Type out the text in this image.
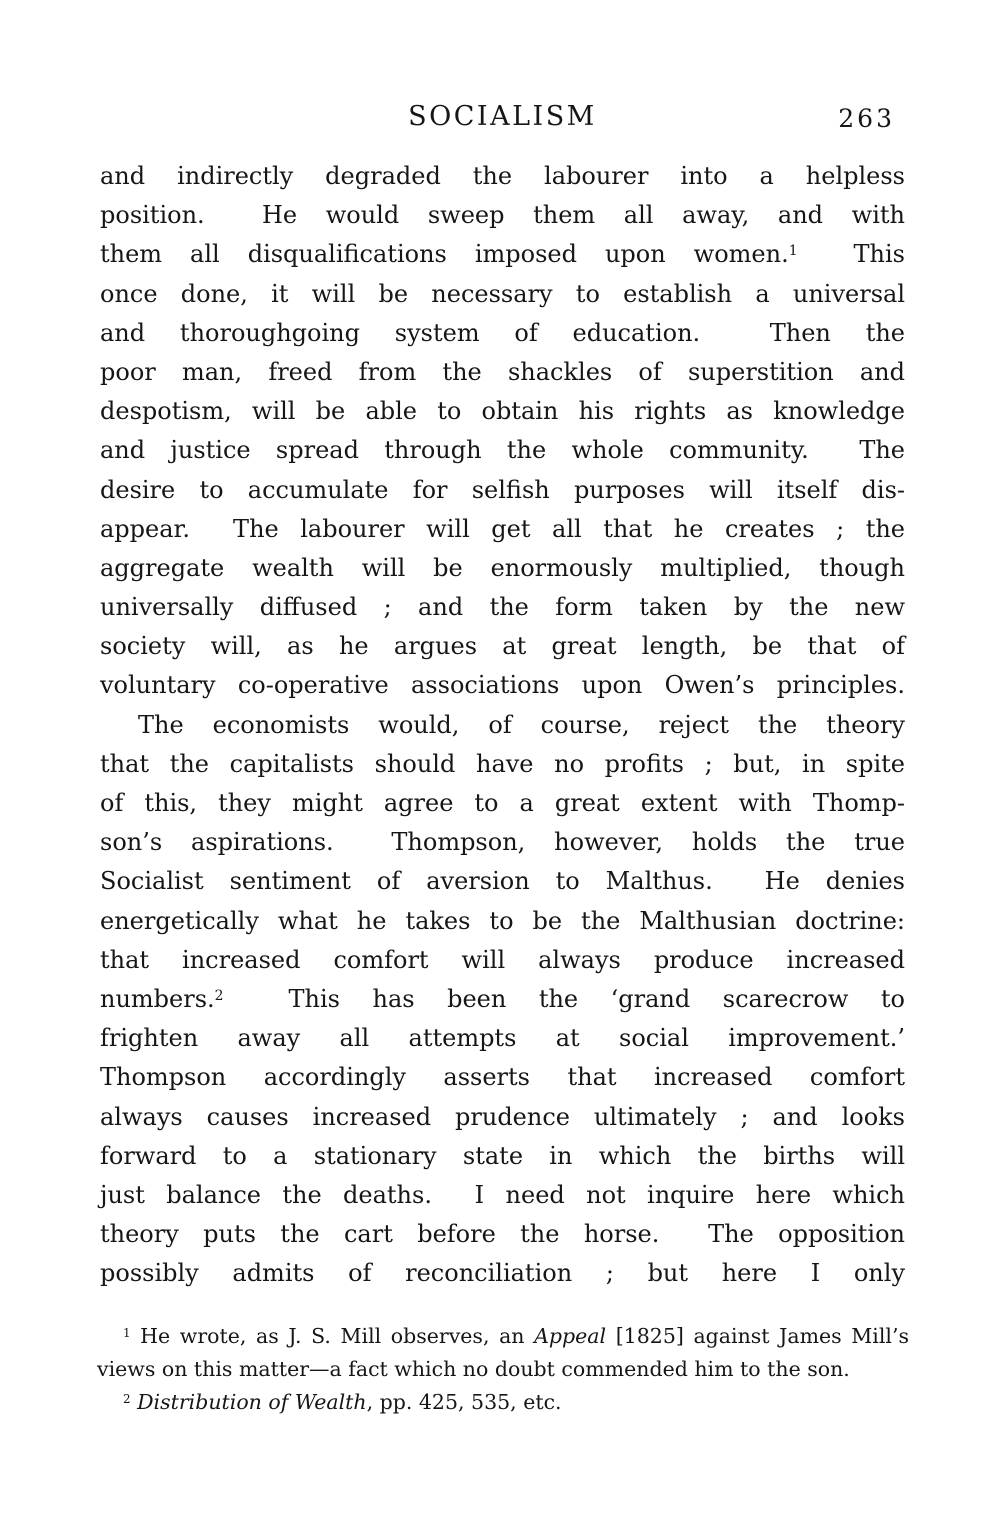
SOCIALISM	263
and indirectly degraded the labourer into a helpless
position.  He would sweep them all away, and with
them all disqualifications imposed upon women.$^1$  This
once done, it will be necessary to establish a universal
and thoroughgoing system of education.  Then the
poor man, freed from the shackles of superstition and
despotism, will be able to obtain his rights as knowledge
and justice spread through the whole community.  The
desire to accumulate for selfish purposes will itself dis-
appear.  The labourer will get all that he creates ; the
aggregate wealth will be enormously multiplied, though
universally diffused ; and the form taken by the new
society will, as he argues at great length, be that of
voluntary co-operative associations upon Owen’s principles.
The economists would, of course, reject the theory
that the capitalists should have no profits ; but, in spite
of this, they might agree to a great extent with Thomp-
son’s aspirations.  Thompson, however, holds the true
Socialist sentiment of aversion to Malthus.  He denies
energetically what he takes to be the Malthusian doctrine:
that increased comfort will always produce increased
numbers.$^2$  This has been the ‘grand scarecrow to
frighten away all attempts at social improvement.’
Thompson accordingly asserts that increased comfort
always causes increased prudence ultimately ; and looks
forward to a stationary state in which the births will
just balance the deaths.  I need not inquire here which
theory puts the cart before the horse.  The opposition
possibly admits of reconciliation ; but here I only
$^1$ He wrote, as J. S. Mill observes, an Appeal [1825] against James Mill’s
views on this matter—a fact which no doubt commended him to the son.
$^2$ Distribution of Wealth, pp. 425, 535, etc.
